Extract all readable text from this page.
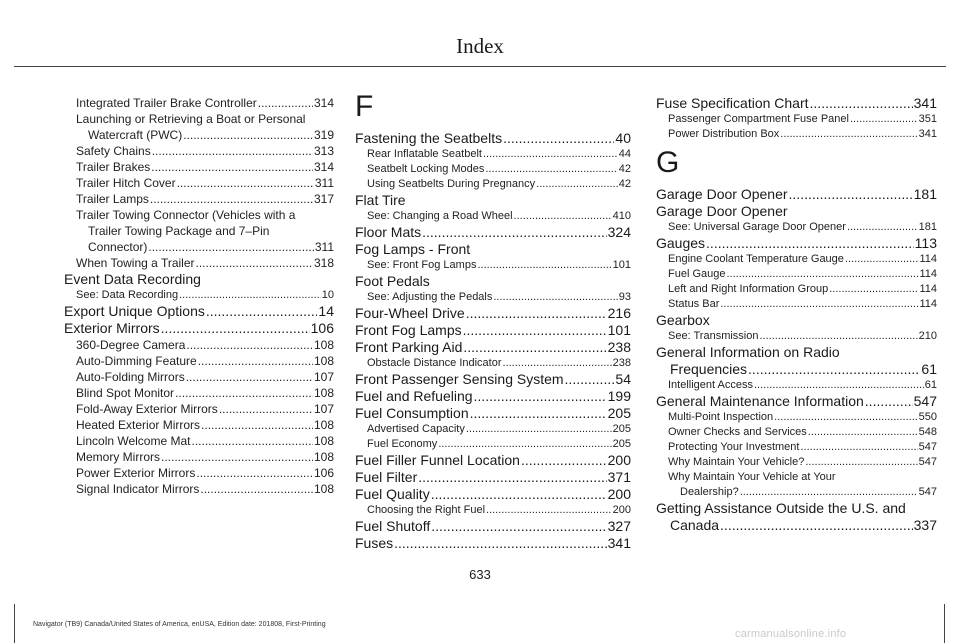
Index
Integrated Trailer Brake Controller .....	314
Launching or Retrieving a Boat or Personal
Watercraft (PWC) .....	319
Safety Chains .....	313
Trailer Brakes .....	314
Trailer Hitch Cover .....	311
Trailer Lamps .....	317
Trailer Towing Connector (Vehicles with a
Trailer Towing Package and 7–Pin
Connector) .....	311
When Towing a Trailer .....	318
Event Data Recording
See: Data Recording .....	10
Export Unique Options .....	14
Exterior Mirrors .....	106
360-Degree Camera .....	108
Auto-Dimming Feature .....	108
Auto-Folding Mirrors .....	107
Blind Spot Monitor .....	108
Fold-Away Exterior Mirrors .....	107
Heated Exterior Mirrors .....	108
Lincoln Welcome Mat .....	108
Memory Mirrors .....	108
Power Exterior Mirrors .....	106
Signal Indicator Mirrors .....	108
F
Fastening the Seatbelts .....	40
Rear Inflatable Seatbelt .....	44
Seatbelt Locking Modes .....	42
Using Seatbelts During Pregnancy .....	42
Flat Tire
See: Changing a Road Wheel .....	410
Floor Mats .....	324
Fog Lamps - Front
See: Front Fog Lamps .....	101
Foot Pedals
See: Adjusting the Pedals .....	93
Four-Wheel Drive .....	216
Front Fog Lamps .....	101
Front Parking Aid .....	238
Obstacle Distance Indicator .....	238
Front Passenger Sensing System .....	54
Fuel and Refueling .....	199
Fuel Consumption .....	205
Advertised Capacity .....	205
Fuel Economy .....	205
Fuel Filler Funnel Location .....	200
Fuel Filter .....	371
Fuel Quality .....	200
Choosing the Right Fuel .....	200
Fuel Shutoff .....	327
Fuses .....	341
Fuse Specification Chart .....	341
Passenger Compartment Fuse Panel .....	351
Power Distribution Box .....	341
G
Garage Door Opener .....	181
Garage Door Opener
See: Universal Garage Door Opener .....	181
Gauges .....	113
Engine Coolant Temperature Gauge .....	114
Fuel Gauge .....	114
Left and Right Information Group .....	114
Status Bar .....	114
Gearbox
See: Transmission .....	210
General Information on Radio
Frequencies .....	61
Intelligent Access .....	61
General Maintenance Information .....	547
Multi-Point Inspection .....	550
Owner Checks and Services .....	548
Protecting Your Investment .....	547
Why Maintain Your Vehicle? .....	547
Why Maintain Your Vehicle at Your
Dealership? .....	547
Getting Assistance Outside the U.S. and
Canada .....	337
633
Navigator (TB9) Canada/United States of America, enUSA, Edition date: 201808, First-Printing
carmanualsonline.info
